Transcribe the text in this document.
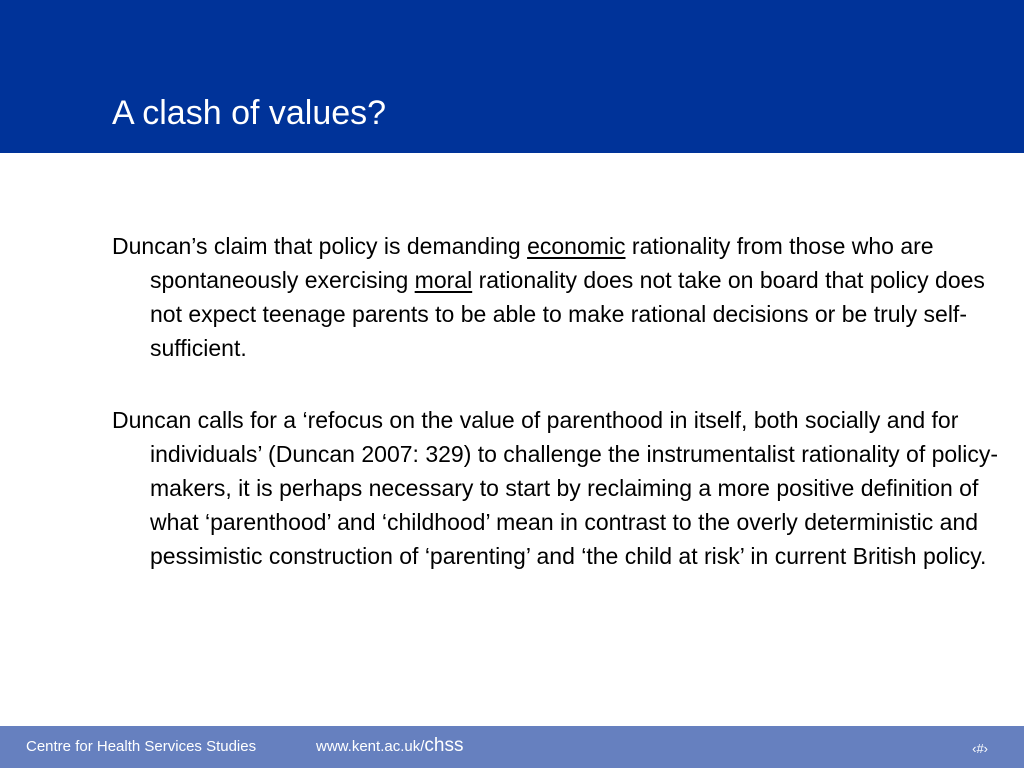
A clash of values?

Duncan’s claim that policy is demanding economic rationality from those who are spontaneously exercising moral rationality does not take on board that policy does not expect teenage parents to be able to make rational decisions or be truly self-sufficient.

Duncan calls for a ‘refocus on the value of parenthood in itself, both socially and for individuals’ (Duncan 2007: 329) to challenge the instrumentalist rationality of policy-makers, it is perhaps necessary to start by reclaiming a more positive definition of what ‘parenthood’ and ‘childhood’ mean in contrast to the overly deterministic and pessimistic construction of ‘parenting’ and ‘the child at risk’ in current British policy.

Centre for Health Services Studies	www.kent.ac.uk/chss	‹#›
